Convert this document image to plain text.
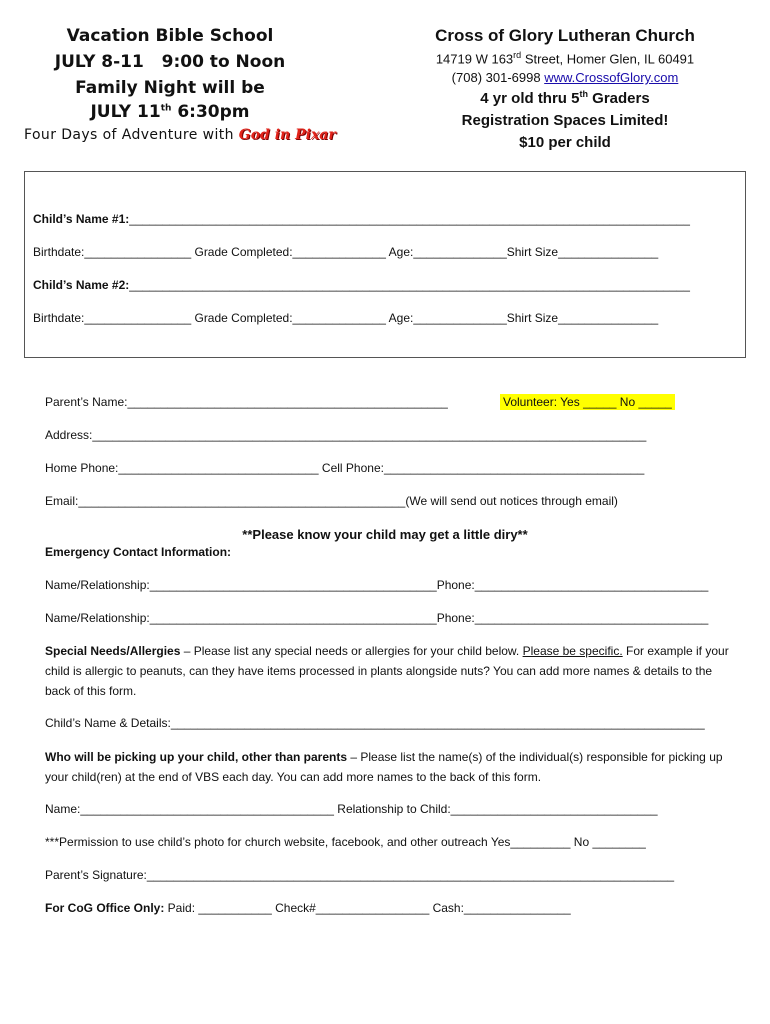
Vacation Bible School
JULY 8-11 9:00 to Noon
Family Night will be
JULY 11th 6:30pm
Four Days of Adventure with God in Pixar
Cross of Glory Lutheran Church
14719 W 163rd Street, Homer Glen, IL 60491
(708) 301-6998 www.CrossofGlory.com
4 yr old thru 5th Graders
Registration Spaces Limited!
$10 per child
Child’s Name #1:____________________________________________________________________________________
Birthdate:________________ Grade Completed:______________ Age:______________Shirt Size_______________
Child’s Name #2:____________________________________________________________________________________
Birthdate:________________ Grade Completed:______________ Age:______________Shirt Size_______________
Parent’s Name:________________________________________________	Volunteer: Yes _____ No _____
Address:___________________________________________________________________________________
Home Phone:______________________________ Cell Phone:_______________________________________
Email:_________________________________________________(We will send out notices through email)
**Please know your child may get a little diry**
Emergency Contact Information:
Name/Relationship:___________________________________________Phone:___________________________________
Name/Relationship:___________________________________________Phone:___________________________________
Special Needs/Allergies – Please list any special needs or allergies for your child below. Please be specific. For example if your child is allergic to peanuts, can they have items processed in plants alongside nuts? You can add more names & details to the back of this form.
Child’s Name & Details:________________________________________________________________________________
Who will be picking up your child, other than parents – Please list the name(s) of the individual(s) responsible for picking up your child(ren) at the end of VBS each day. You can add more names to the back of this form.
Name:______________________________________ Relationship to Child:_______________________________
***Permission to use child’s photo for church website, facebook, and other outreach Yes_________ No ________
Parent’s Signature:_______________________________________________________________________________
For CoG Office Only: Paid: ___________ Check#_________________ Cash:________________
